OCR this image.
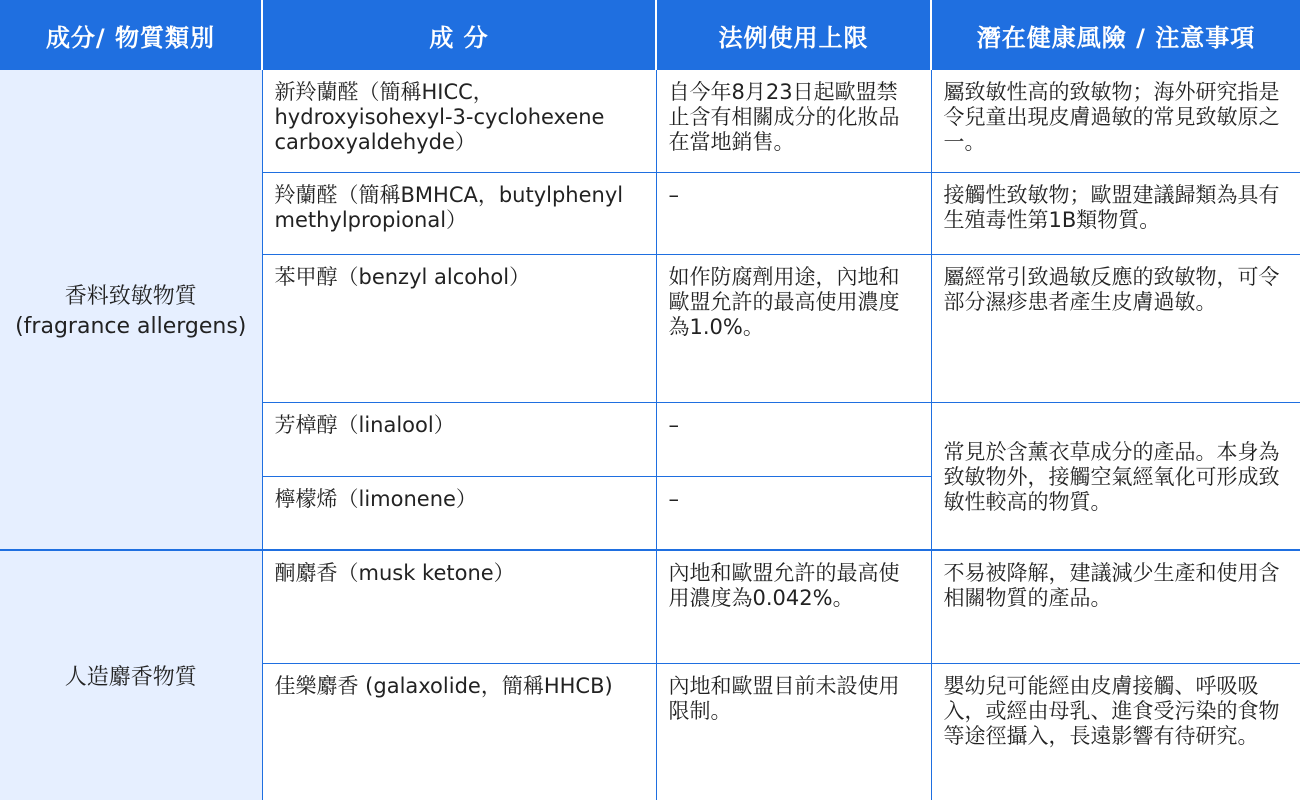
成分/ 物質類別	成 分	法例使用上限	潛在健康風險 / 注意事項

香料致敏物質
(fragrance allergens)	新羚蘭醛（簡稱HICC，hydroxyisohexyl-3-cyclohexene carboxyaldehyde）	自今年8月23日起歐盟禁止含有相關成分的化妝品在當地銷售。	屬致敏性高的致敏物；海外研究指是令兒童出現皮膚過敏的常見致敏原之一。
	羚蘭醛（簡稱BMHCA，butylphenyl methylpropional）	–	接觸性致敏物；歐盟建議歸類為具有生殖毒性第1B類物質。
	苯甲醇（benzyl alcohol）	如作防腐劑用途，內地和歐盟允許的最高使用濃度為1.0%。	屬經常引致過敏反應的致敏物，可令部分濕疹患者產生皮膚過敏。
	芳樟醇（linalool）	–	常見於含薰衣草成分的產品。本身為致敏物外，接觸空氣經氧化可形成致敏性較高的物質。
	檸檬烯（limonene）	–	

人造麝香物質	酮麝香（musk ketone）	內地和歐盟允許的最高使用濃度為0.042%。	不易被降解，建議減少生產和使用含相關物質的產品。
	佳樂麝香 (galaxolide，簡稱HHCB)	內地和歐盟目前未設使用限制。	嬰幼兒可能經由皮膚接觸、呼吸吸入，或經由母乳、進食受污染的食物等途徑攝入，長遠影響有待研究。
